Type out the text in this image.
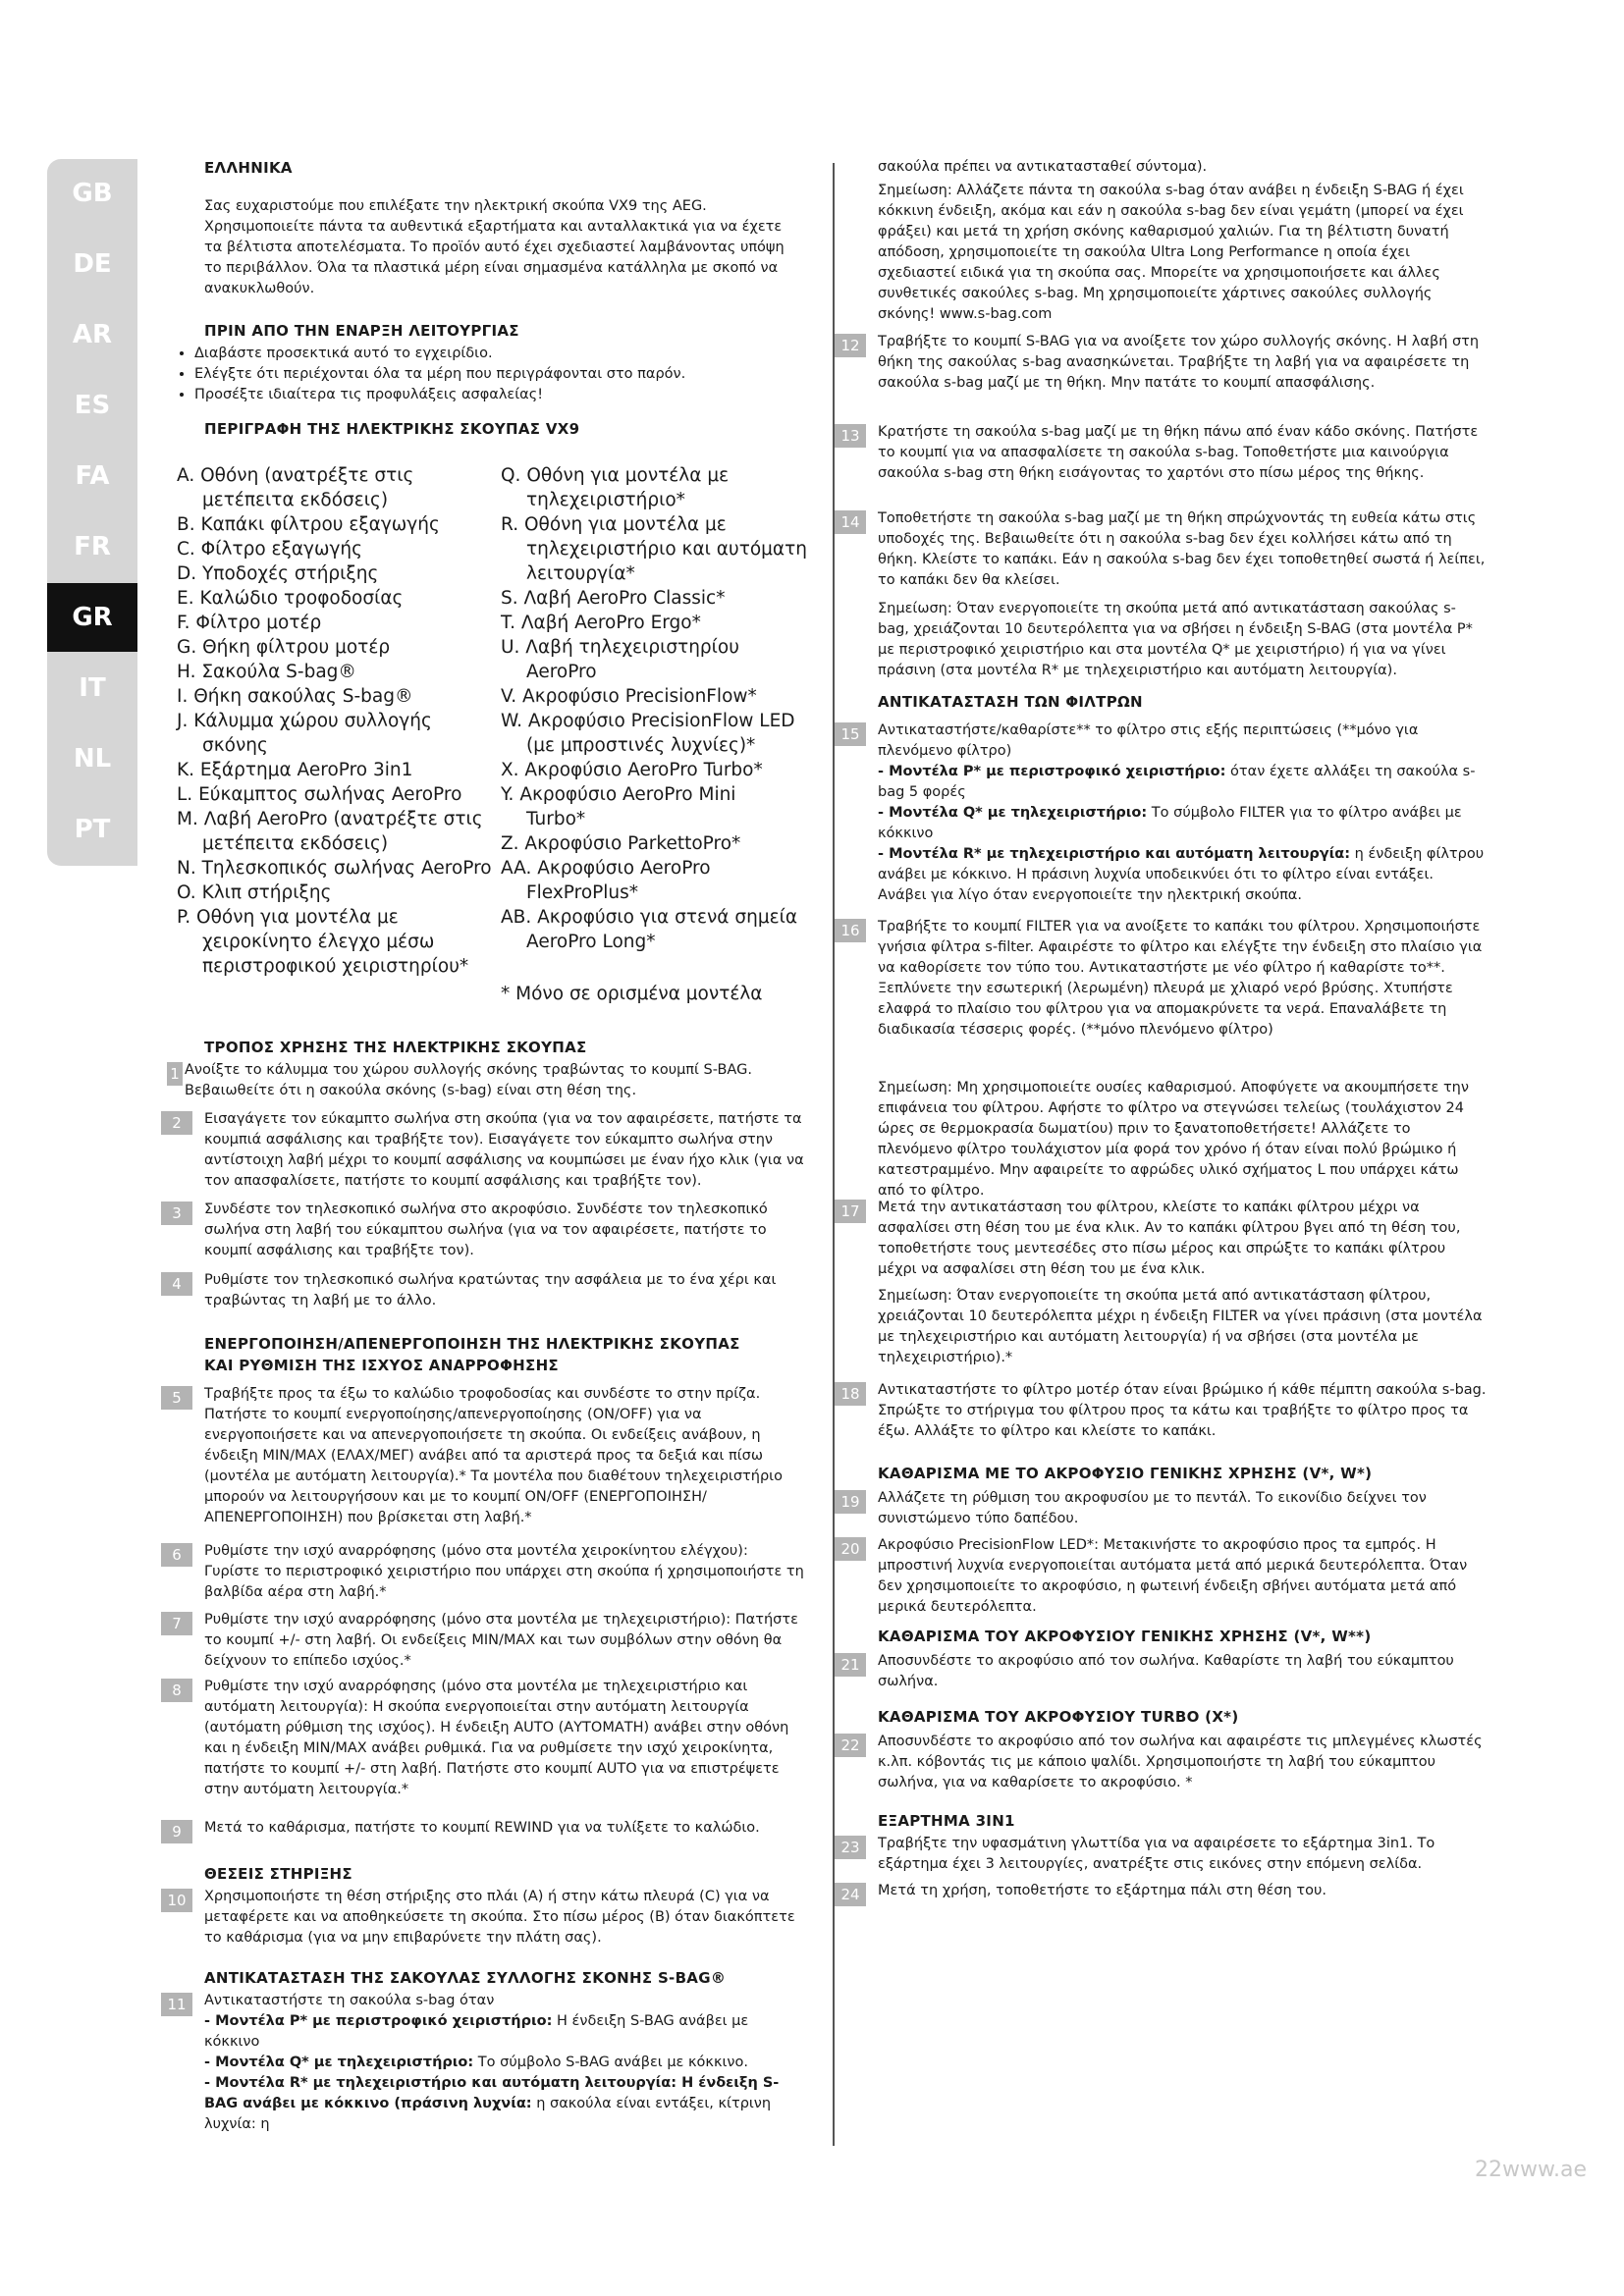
GB
DE
AR
ES
FA
FR
GR
IT
NL
PT

ΕΛΛΗΝΙΚΑ

Σας ευχαριστούμε που επιλέξατε την ηλεκτρική σκούπα VX9 της AEG. Χρησιμοποιείτε πάντα τα αυθεντικά εξαρτήματα και ανταλλακτικά για να έχετε τα βέλτιστα αποτελέσματα. Το προϊόν αυτό έχει σχεδιαστεί λαμβάνοντας υπόψη το περιβάλλον. Όλα τα πλαστικά μέρη είναι σημασμένα κατάλληλα με σκοπό να ανακυκλωθούν.

ΠΡΙΝ ΑΠΟ ΤΗΝ ΕΝΑΡΞΗ ΛΕΙΤΟΥΡΓΙΑΣ

• Διαβάστε προσεκτικά αυτό το εγχειρίδιο.
• Ελέγξτε ότι περιέχονται όλα τα μέρη που περιγράφονται στο παρόν.
• Προσέξτε ιδιαίτερα τις προφυλάξεις ασφαλείας!

ΠΕΡΙΓΡΑΦΗ ΤΗΣ ΗΛΕΚΤΡΙΚΗΣ ΣΚΟΥΠΑΣ VX9

A. Οθόνη (ανατρέξτε στις
μετέπειτα εκδόσεις)

B. Καπάκι φίλτρου εξαγωγής

C. Φίλτρο εξαγωγής

D. Υποδοχές στήριξης

E. Καλώδιο τροφοδοσίας

F. Φίλτρο μοτέρ

G. Θήκη φίλτρου μοτέρ

H. Σακούλα S-bag®

I. Θήκη σακούλας S-bag®

J. Κάλυμμα χώρου συλλογής
σκόνης

K. Εξάρτημα AeroPro 3in1

L. Εύκαμπτος σωλήνας AeroPro

M. Λαβή AeroPro (ανατρέξτε στις
μετέπειτα εκδόσεις)

N. Τηλεσκοπικός σωλήνας AeroPro

O. Κλιπ στήριξης

P. Οθόνη για μοντέλα με
χειροκίνητο έλεγχο μέσω
περιστροφικού χειριστηρίου*

Q. Οθόνη για μοντέλα με
τηλεχειριστήριο*

R. Οθόνη για μοντέλα με
τηλεχειριστήριο και αυτόματη
λειτουργία*

S. Λαβή AeroPro Classic*

T. Λαβή AeroPro Ergo*

U. Λαβή τηλεχειριστηρίου
AeroPro

V. Ακροφύσιο PrecisionFlow*

W. Ακροφύσιο PrecisionFlow LED
(με μπροστινές λυχνίες)*

X. Ακροφύσιο AeroPro Turbo*

Y. Ακροφύσιο AeroPro Mini
Turbo*

Z. Ακροφύσιο ParkettoPro*

AA. Ακροφύσιο AeroPro
FlexProPlus*

AB. Ακροφύσιο για στενά σημεία
AeroPro Long*

* Μόνο σε ορισμένα μοντέλα

ΤΡΟΠΟΣ ΧΡΗΣΗΣ ΤΗΣ ΗΛΕΚΤΡΙΚΗΣ ΣΚΟΥΠΑΣ

1 Ανοίξτε το κάλυμμα του χώρου συλλογής σκόνης τραβώντας το κουμπί S-BAG. Βεβαιωθείτε ότι η σακούλα σκόνης (s-bag) είναι στη θέση της.

2	Εισαγάγετε τον εύκαμπτο σωλήνα στη σκούπα (για να τον αφαιρέσετε, πατήστε τα κουμπιά ασφάλισης και τραβήξτε τον). Εισαγάγετε τον εύκαμπτο σωλήνα στην αντίστοιχη λαβή μέχρι το κουμπί ασφάλισης να κουμπώσει με έναν ήχο κλικ (για να τον απασφαλίσετε, πατήστε το κουμπί ασφάλισης και τραβήξτε τον).

3	Συνδέστε τον τηλεσκοπικό σωλήνα στο ακροφύσιο. Συνδέστε τον τηλεσκοπικό σωλήνα στη λαβή του εύκαμπτου σωλήνα (για να τον αφαιρέσετε, πατήστε το κουμπί ασφάλισης και τραβήξτε τον).

4	Ρυθμίστε τον τηλεσκοπικό σωλήνα κρατώντας την ασφάλεια με το ένα χέρι και τραβώντας τη λαβή με το άλλο.

ΕΝΕΡΓΟΠΟΙΗΣΗ/ΑΠΕΝΕΡΓΟΠΟΙΗΣΗ ΤΗΣ ΗΛΕΚΤΡΙΚΗΣ ΣΚΟΥΠΑΣ

ΚΑΙ ΡΥΘΜΙΣΗ ΤΗΣ ΙΣΧΥΟΣ ΑΝΑΡΡΟΦΗΣΗΣ

5	Τραβήξτε προς τα έξω το καλώδιο τροφοδοσίας και συνδέστε το στην πρίζα. Πατήστε το κουμπί ενεργοποίησης/απενεργοποίησης (ON/OFF) για να ενεργοποιήσετε και να απενεργοποιήσετε τη σκούπα. Οι ενδείξεις ανάβουν, η ένδειξη MIN/MAX (ΕΛΑΧ/ΜΕΓ) ανάβει από τα αριστερά προς τα δεξιά και πίσω (μοντέλα με αυτόματη λειτουργία).* Τα μοντέλα που διαθέτουν τηλεχειριστήριο μπορούν να λειτουργήσουν και με το κουμπί ON/OFF (ΕΝΕΡΓΟΠΟΙΗΣΗ/ ΑΠΕΝΕΡΓΟΠΟΙΗΣΗ) που βρίσκεται στη λαβή.*

6	Ρυθμίστε την ισχύ αναρρόφησης (μόνο στα μοντέλα χειροκίνητου ελέγχου): Γυρίστε το περιστροφικό χειριστήριο που υπάρχει στη σκούπα ή χρησιμοποιήστε τη βαλβίδα αέρα στη λαβή.*

7	Ρυθμίστε την ισχύ αναρρόφησης (μόνο στα μοντέλα με τηλεχειριστήριο): Πατήστε το κουμπί +/- στη λαβή. Οι ενδείξεις MIN/MAX και των συμβόλων στην οθόνη θα δείχνουν το επίπεδο ισχύος.*

8	Ρυθμίστε την ισχύ αναρρόφησης (μόνο στα μοντέλα με τηλεχειριστήριο και αυτόματη λειτουργία): Η σκούπα ενεργοποιείται στην αυτόματη λειτουργία (αυτόματη ρύθμιση της ισχύος). Η ένδειξη AUTO (ΑΥΤΟΜΑΤΗ) ανάβει στην οθόνη και η ένδειξη MIN/MAX ανάβει ρυθμικά. Για να ρυθμίσετε την ισχύ χειροκίνητα, πατήστε το κουμπί +/- στη λαβή. Πατήστε στο κουμπί AUTO για να επιστρέψετε στην αυτόματη λειτουργία.*

9	Μετά το καθάρισμα, πατήστε το κουμπί REWIND για να τυλίξετε το καλώδιο.

ΘΕΣΕΙΣ ΣΤΗΡΙΞΗΣ

10	Χρησιμοποιήστε τη θέση στήριξης στο πλάι (A) ή στην κάτω πλευρά (C) για να μεταφέρετε και να αποθηκεύσετε τη σκούπα. Στο πίσω μέρος (B) όταν διακόπτετε το καθάρισμα (για να μην επιβαρύνετε την πλάτη σας).

ΑΝΤΙΚΑΤΑΣΤΑΣΗ ΤΗΣ ΣΑΚΟΥΛΑΣ ΣΥΛΛΟΓΗΣ ΣΚΟΝΗΣ S-BAG®

11	Αντικαταστήστε τη σακούλα s-bag όταν

- Μοντέλα P* με περιστροφικό χειριστήριο: Η ένδειξη S-BAG ανάβει με κόκκινο

- Μοντέλα Q* με τηλεχειριστήριο: Το σύμβολο S-BAG ανάβει με κόκκινο.

- Μοντέλα R* με τηλεχειριστήριο και αυτόματη λειτουργία: Η ένδειξη S-BAG ανάβει με κόκκινο (πράσινη λυχνία: η σακούλα είναι εντάξει, κίτρινη λυχνία: η

σακούλα πρέπει να αντικατασταθεί σύντομα).

Σημείωση: Αλλάζετε πάντα τη σακούλα s-bag όταν ανάβει η ένδειξη S-BAG ή έχει κόκκινη ένδειξη, ακόμα και εάν η σακούλα s-bag δεν είναι γεμάτη (μπορεί να έχει φράξει) και μετά τη χρήση σκόνης καθαρισμού χαλιών. Για τη βέλτιστη δυνατή απόδοση, χρησιμοποιείτε τη σακούλα Ultra Long Performance η οποία έχει σχεδιαστεί ειδικά για τη σκούπα σας. Μπορείτε να χρησιμοποιήσετε και άλλες συνθετικές σακούλες s-bag. Μη χρησιμοποιείτε χάρτινες σακούλες συλλογής σκόνης! www.s-bag.com

12	Τραβήξτε το κουμπί S-BAG για να ανοίξετε τον χώρο συλλογής σκόνης. Η λαβή στη θήκη της σακούλας s-bag ανασηκώνεται. Τραβήξτε τη λαβή για να αφαιρέσετε τη σακούλα s-bag μαζί με τη θήκη. Μην πατάτε το κουμπί απασφάλισης.

13	Κρατήστε τη σακούλα s-bag μαζί με τη θήκη πάνω από έναν κάδο σκόνης. Πατήστε το κουμπί για να απασφαλίσετε τη σακούλα s-bag. Τοποθετήστε μια καινούργια σακούλα s-bag στη θήκη εισάγοντας το χαρτόνι στο πίσω μέρος της θήκης.

14	Τοποθετήστε τη σακούλα s-bag μαζί με τη θήκη σπρώχνοντάς τη ευθεία κάτω στις υποδοχές της. Βεβαιωθείτε ότι η σακούλα s-bag δεν έχει κολλήσει κάτω από τη θήκη. Κλείστε το καπάκι. Εάν η σακούλα s-bag δεν έχει τοποθετηθεί σωστά ή λείπει, το καπάκι δεν θα κλείσει.

Σημείωση: Όταν ενεργοποιείτε τη σκούπα μετά από αντικατάσταση σακούλας s-bag, χρειάζονται 10 δευτερόλεπτα για να σβήσει η ένδειξη S-BAG (στα μοντέλα P* με περιστροφικό χειριστήριο και στα μοντέλα Q* με χειριστήριο) ή για να γίνει πράσινη (στα μοντέλα R* με τηλεχειριστήριο και αυτόματη λειτουργία).

ΑΝΤΙΚΑΤΑΣΤΑΣΗ ΤΩΝ ΦΙΛΤΡΩΝ

15	Αντικαταστήστε/καθαρίστε** το φίλτρο στις εξής περιπτώσεις (**μόνο για πλενόμενο φίλτρο)

- Μοντέλα P* με περιστροφικό χειριστήριο: όταν έχετε αλλάξει τη σακούλα s-bag 5 φορές

- Μοντέλα Q* με τηλεχειριστήριο: Το σύμβολο FILTER για το φίλτρο ανάβει με κόκκινο

- Μοντέλα R* με τηλεχειριστήριο και αυτόματη λειτουργία: η ένδειξη φίλτρου ανάβει με κόκκινο. Η πράσινη λυχνία υποδεικνύει ότι το φίλτρο είναι εντάξει. Ανάβει για λίγο όταν ενεργοποιείτε την ηλεκτρική σκούπα.

16	Τραβήξτε το κουμπί FILTER για να ανοίξετε το καπάκι του φίλτρου. Χρησιμοποιήστε γνήσια φίλτρα s-filter. Αφαιρέστε το φίλτρο και ελέγξτε την ένδειξη στο πλαίσιο για να καθορίσετε τον τύπο του. Αντικαταστήστε με νέο φίλτρο ή καθαρίστε το**. Ξεπλύνετε την εσωτερική (λερωμένη) πλευρά με χλιαρό νερό βρύσης. Χτυπήστε ελαφρά το πλαίσιο του φίλτρου για να απομακρύνετε τα νερά. Επαναλάβετε τη διαδικασία τέσσερις φορές. (**μόνο πλενόμενο φίλτρο)

Σημείωση: Μη χρησιμοποιείτε ουσίες καθαρισμού. Αποφύγετε να ακουμπήσετε την επιφάνεια του φίλτρου. Αφήστε το φίλτρο να στεγνώσει τελείως (τουλάχιστον 24 ώρες σε θερμοκρασία δωματίου) πριν το ξανατοποθετήσετε! Αλλάζετε το πλενόμενο φίλτρο τουλάχιστον μία φορά τον χρόνο ή όταν είναι πολύ βρώμικο ή κατεστραμμένο. Μην αφαιρείτε το αφρώδες υλικό σχήματος L που υπάρχει κάτω από το φίλτρο.

17	Μετά την αντικατάσταση του φίλτρου, κλείστε το καπάκι φίλτρου μέχρι να ασφαλίσει στη θέση του με ένα κλικ. Αν το καπάκι φίλτρου βγει από τη θέση του, τοποθετήστε τους μεντεσέδες στο πίσω μέρος και σπρώξτε το καπάκι φίλτρου μέχρι να ασφαλίσει στη θέση του με ένα κλικ.

Σημείωση: Όταν ενεργοποιείτε τη σκούπα μετά από αντικατάσταση φίλτρου, χρειάζονται 10 δευτερόλεπτα μέχρι η ένδειξη FILTER να γίνει πράσινη (στα μοντέλα με τηλεχειριστήριο και αυτόματη λειτουργία) ή να σβήσει (στα μοντέλα με τηλεχειριστήριο).*

18	Αντικαταστήστε το φίλτρο μοτέρ όταν είναι βρώμικο ή κάθε πέμπτη σακούλα s-bag. Σπρώξτε το στήριγμα του φίλτρου προς τα κάτω και τραβήξτε το φίλτρο προς τα έξω. Αλλάξτε το φίλτρο και κλείστε το καπάκι.

ΚΑΘΑΡΙΣΜΑ ΜΕ ΤΟ ΑΚΡΟΦΥΣΙΟ ΓΕΝΙΚΗΣ ΧΡΗΣΗΣ (V*, W*)

19	Αλλάζετε τη ρύθμιση του ακροφυσίου με το πεντάλ. Το εικονίδιο δείχνει τον συνιστώμενο τύπο δαπέδου.

20	Ακροφύσιο PrecisionFlow LED*: Μετακινήστε το ακροφύσιο προς τα εμπρός. Η μπροστινή λυχνία ενεργοποιείται αυτόματα μετά από μερικά δευτερόλεπτα. Όταν δεν χρησιμοποιείτε το ακροφύσιο, η φωτεινή ένδειξη σβήνει αυτόματα μετά από μερικά δευτερόλεπτα.

ΚΑΘΑΡΙΣΜΑ ΤΟΥ ΑΚΡΟΦΥΣΙΟΥ ΓΕΝΙΚΗΣ ΧΡΗΣΗΣ (V*, W**)

21	Αποσυνδέστε το ακροφύσιο από τον σωλήνα. Καθαρίστε τη λαβή του εύκαμπτου σωλήνα.

ΚΑΘΑΡΙΣΜΑ ΤΟΥ ΑΚΡΟΦΥΣΙΟΥ TURBO (X*)

22	Αποσυνδέστε το ακροφύσιο από τον σωλήνα και αφαιρέστε τις μπλεγμένες κλωστές κ.λπ. κόβοντάς τις με κάποιο ψαλίδι. Χρησιμοποιήστε τη λαβή του εύκαμπτου σωλήνα, για να καθαρίσετε το ακροφύσιο. *

ΕΞΑΡΤΗΜΑ 3IN1

23	Τραβήξτε την υφασμάτινη γλωττίδα για να αφαιρέσετε το εξάρτημα 3in1. Το εξάρτημα έχει 3 λειτουργίες, ανατρέξτε στις εικόνες στην επόμενη σελίδα.

24	Μετά τη χρήση, τοποθετήστε το εξάρτημα πάλι στη θέση του.

22www.ae
